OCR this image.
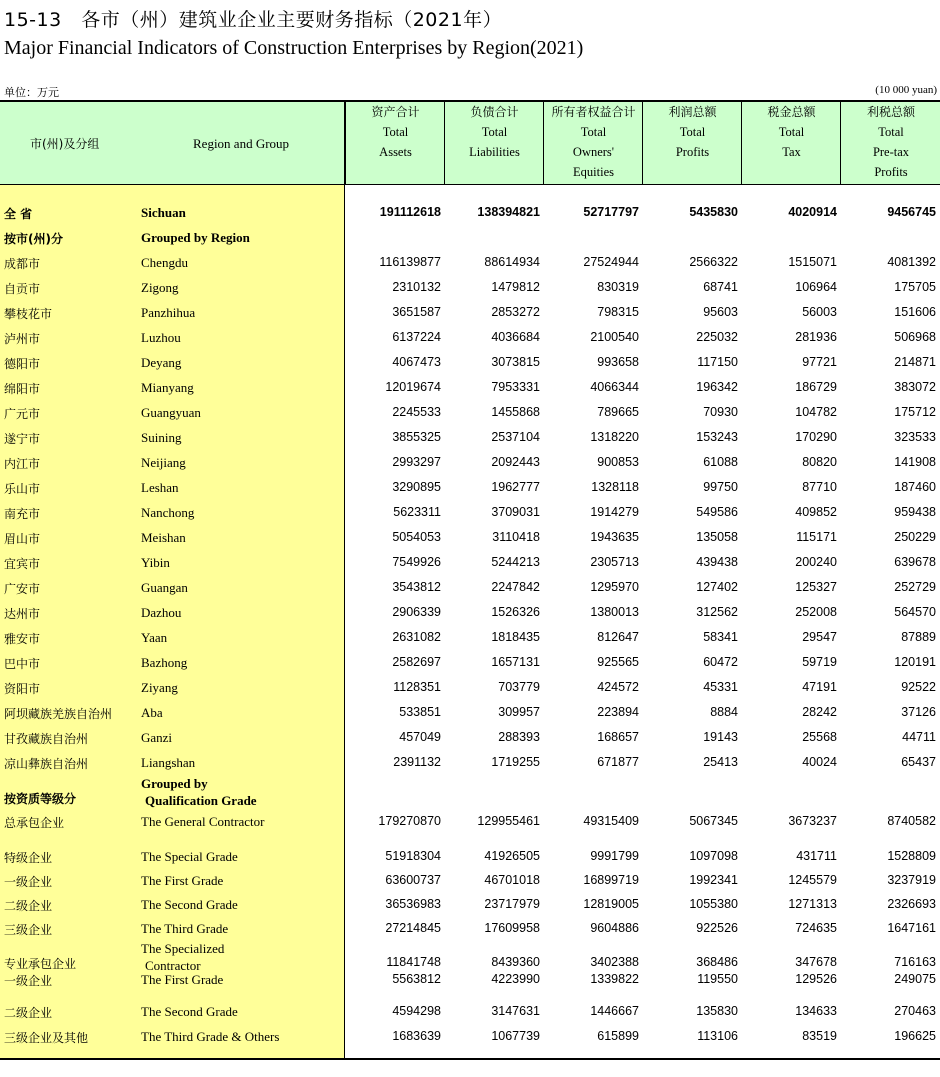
15-13　各市（州）建筑业企业主要财务指标（2021年）
Major Financial Indicators of Construction Enterprises by Region(2021)
单位：万元	(10 000 yuan)
市(州)及分组	Region and Group
资产合计
Total
Assets
负债合计
Total
Liabilities
所有者权益合计
Total
Owners'
Equities
利润总额
Total
Profits
税金总额
Total
Tax
利税总额
Total
Pre-tax
Profits
全 省	Sichuan	191112618	138394821	52717797	5435830	4020914	9456745
按市(州)分	Grouped by Region
成都市	Chengdu	116139877	88614934	27524944	2566322	1515071	4081392
自贡市	Zigong	2310132	1479812	830319	68741	106964	175705
攀枝花市	Panzhihua	3651587	2853272	798315	95603	56003	151606
泸州市	Luzhou	6137224	4036684	2100540	225032	281936	506968
德阳市	Deyang	4067473	3073815	993658	117150	97721	214871
绵阳市	Mianyang	12019674	7953331	4066344	196342	186729	383072
广元市	Guangyuan	2245533	1455868	789665	70930	104782	175712
遂宁市	Suining	3855325	2537104	1318220	153243	170290	323533
内江市	Neijiang	2993297	2092443	900853	61088	80820	141908
乐山市	Leshan	3290895	1962777	1328118	99750	87710	187460
南充市	Nanchong	5623311	3709031	1914279	549586	409852	959438
眉山市	Meishan	5054053	3110418	1943635	135058	115171	250229
宜宾市	Yibin	7549926	5244213	2305713	439438	200240	639678
广安市	Guangan	3543812	2247842	1295970	127402	125327	252729
达州市	Dazhou	2906339	1526326	1380013	312562	252008	564570
雅安市	Yaan	2631082	1818435	812647	58341	29547	87889
巴中市	Bazhong	2582697	1657131	925565	60472	59719	120191
资阳市	Ziyang	1128351	703779	424572	45331	47191	92522
阿坝藏族羌族自治州 Aba	533851	309957	223894	8884	28242	37126
甘孜藏族自治州	Ganzi	457049	288393	168657	19143	25568	44711
凉山彝族自治州	Liangshan	2391132	1719255	671877	25413	40024	65437
按资质等级分
Grouped by
Qualification Grade
总承包企业	The General Contractor	179270870	129955461	49315409	5067345	3673237	8740582
特级企业	The Special Grade	51918304	41926505	9991799	1097098	431711	1528809
一级企业	The First Grade	63600737	46701018	16899719	1992341	1245579	3237919
二级企业	The Second Grade	36536983	23717979	12819005	1055380	1271313	2326693
三级企业	The Third Grade	27214845	17609958	9604886	922526	724635	1647161
专业承包企业
The Specialized
Contractor	11841748	8439360	3402388	368486	347678	716163
一级企业	The First Grade	5563812	4223990	1339822	119550	129526	249075
二级企业	The Second Grade	4594298	3147631	1446667	135830	134633	270463
三级企业及其他	The Third Grade & Others	1683639	1067739	615899	113106	83519	196625
